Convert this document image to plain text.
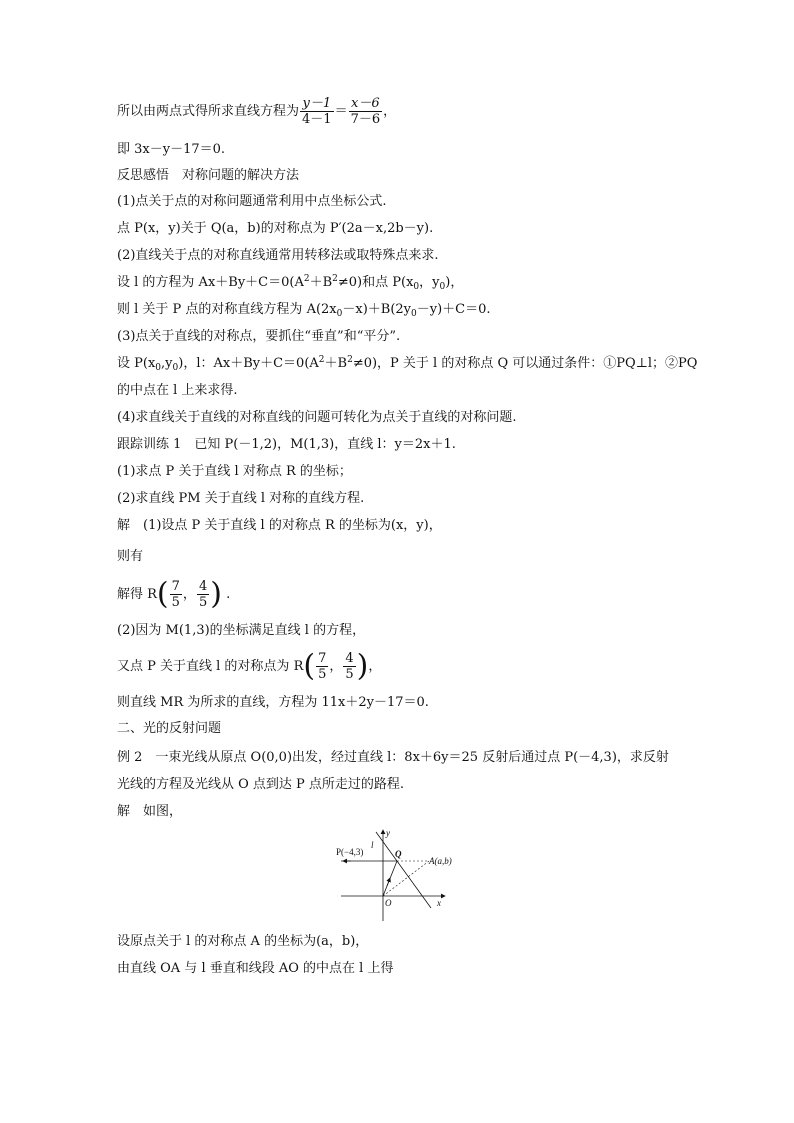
所以由两点式得所求直线方程为 $\frac{y-1}{4-1} = \frac{x-6}{7-6}$ ，
即 3x－y－17＝0.
反思感悟　对称问题的解决方法
(1)点关于点的对称问题通常利用中点坐标公式.
点 P(x，y)关于 Q(a，b)的对称点为 P′(2a－x,2b－y).
(2)直线关于点的对称直线通常用转移法或取特殊点来求.
设 l 的方程为 $Ax+By+C=0(A^2+B^2\ne 0)$和点 $P(x_0$，$y_0$)，
则 l 关于 P 点的对称直线方程为 $A(2x_0-x)+B(2y_0-y)+C=0$.
(3)点关于直线的对称点，要抓住“垂直”和“平分”.
设 $P(x_0,y_0)$，l：$Ax+By+C=0(A^2+B^2\ne 0)$，P 关于 l 的对称点 Q 可以通过条件：①PQ⊥l；②PQ
的中点在 l 上来求得.
(4)求直线关于直线的对称直线的问题可转化为点关于直线的对称问题.
跟踪训练 1　已知 P(－1,2)，M(1,3)，直线 l：y＝2x＋1.
(1)求点 P 关于直线 l 对称点 R 的坐标；
(2)求直线 PM 关于直线 l 对称的直线方程.
解　(1)设点 P 关于直线 l 的对称点 R 的坐标为(x，y)，
则有
解得 $R( \frac{7}{5}$ ， $\frac{4}{5}$ ) .
(2)因为 M(1,3)的坐标满足直线 l 的方程，
又点 P 关于直线 l 的对称点为 $R( \frac{7}{5}$ ， $\frac{4}{5}$ )，
则直线 MR 为所求的直线，方程为 11x＋2y－17＝0.
二、光的反射问题
例 2　一束光线从原点 O(0,0)出发，经过直线 l：8x＋6y＝25 反射后通过点 P(－4,3)，求反射
光线的方程及光线从 O 点到达 P 点所走过的路程.
解　如图，
P(−4,3)
l
y
Q
A(a,b)
O	x
设原点关于 l 的对称点 A 的坐标为(a，b)，
由直线 OA 与 l 垂直和线段 AO 的中点在 l 上得
